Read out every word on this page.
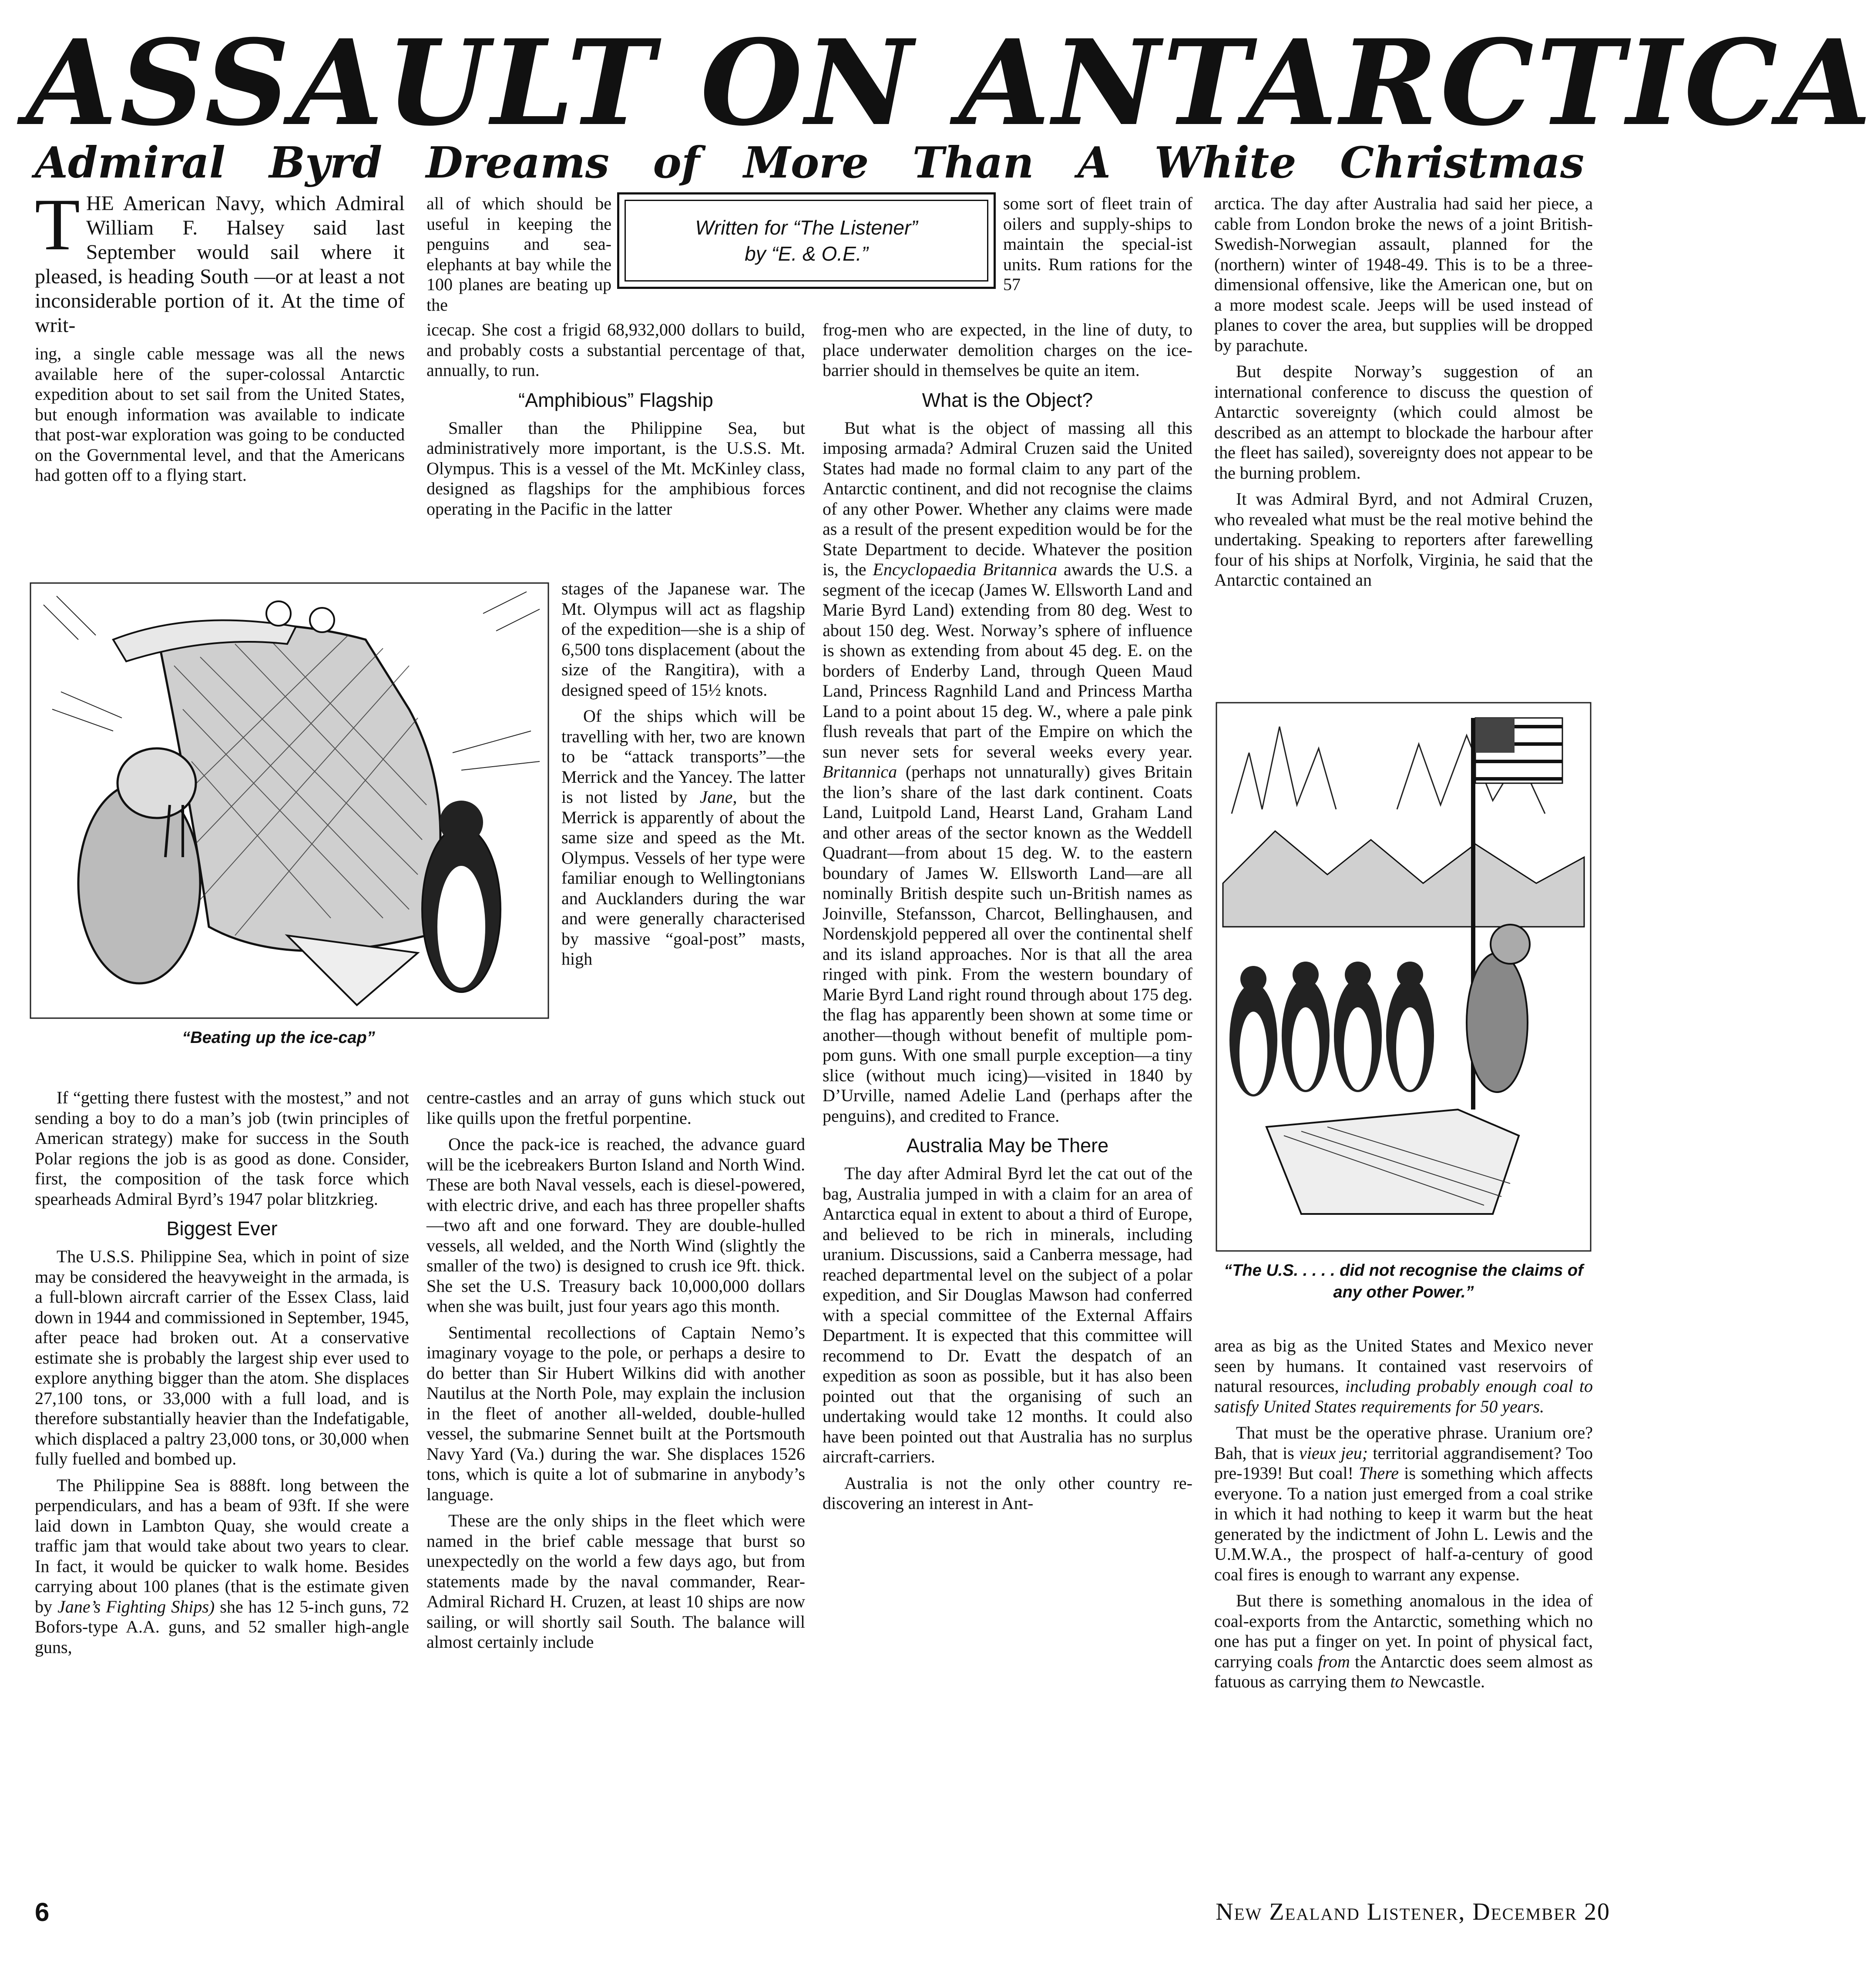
ASSAULT ON ANTARCTICA
Admiral Byrd Dreams of More Than A White Christmas

THE American Navy, which Admiral William F. Halsey said last September would sail where it pleased, is heading South —or at least a not inconsiderable portion of it. At the time of writ-

ing, a single cable message was all the news available here of the super-colossal Antarctic expedition about to set sail from the United States, but enough information was available to indicate that post-war exploration was going to be conducted on the Governmental level, and that the Americans had gotten off to a flying start.

all of which should be useful in keeping the penguins and sea-elephants at bay while the 100 planes are beating up the

Written for “The Listener”
by “E. & O.E.”

some sort of fleet train of oilers and supply-ships to maintain the special-ist units. Rum rations for the 57

icecap. She cost a frigid 68,932,000 dollars to build, and probably costs a substantial percentage of that, annually, to run.

“Amphibious” Flagship

Smaller than the Philippine Sea, but administratively more important, is the U.S.S. Mt. Olympus. This is a vessel of the Mt. McKinley class, designed as flagships for the amphibious forces operating in the Pacific in the latter

“Beating up the ice-cap”

stages of the Japanese war. The Mt. Olympus will act as flagship of the expedition—she is a ship of 6,500 tons displacement (about the size of the Rangitira), with a designed speed of 15½ knots.

Of the ships which will be travelling with her, two are known to be “attack transports”—the Merrick and the Yancey. The latter is not listed by Jane, but the Merrick is apparently of about the same size and speed as the Mt. Olympus. Vessels of her type were familiar enough to Wellingtonians and Aucklanders during the war and were generally characterised by massive “goal-post” masts, high

If “getting there fustest with the mostest,” and not sending a boy to do a man’s job (twin principles of American strategy) make for success in the South Polar regions the job is as good as done. Consider, first, the composition of the task force which spearheads Admiral Byrd’s 1947 polar blitzkrieg.

Biggest Ever

The U.S.S. Philippine Sea, which in point of size may be considered the heavyweight in the armada, is a full-blown aircraft carrier of the Essex Class, laid down in 1944 and commissioned in September, 1945, after peace had broken out. At a conservative estimate she is probably the largest ship ever used to explore anything bigger than the atom. She displaces 27,100 tons, or 33,000 with a full load, and is therefore substantially heavier than the Indefatigable, which displaced a paltry 23,000 tons, or 30,000 when fully fuelled and bombed up.

The Philippine Sea is 888ft. long between the perpendiculars, and has a beam of 93ft. If she were laid down in Lambton Quay, she would create a traffic jam that would take about two years to clear. In fact, it would be quicker to walk home. Besides carrying about 100 planes (that is the estimate given by Jane’s Fighting Ships) she has 12 5-inch guns, 72 Bofors-type A.A. guns, and 52 smaller high-angle guns,

centre-castles and an array of guns which stuck out like quills upon the fretful porpentine.

Once the pack-ice is reached, the advance guard will be the icebreakers Burton Island and North Wind. These are both Naval vessels, each is diesel-powered, with electric drive, and each has three propeller shafts—two aft and one forward. They are double-hulled vessels, all welded, and the North Wind (slightly the smaller of the two) is designed to crush ice 9ft. thick. She set the U.S. Treasury back 10,000,000 dollars when she was built, just four years ago this month.

Sentimental recollections of Captain Nemo’s imaginary voyage to the pole, or perhaps a desire to do better than Sir Hubert Wilkins did with another Nautilus at the North Pole, may explain the inclusion in the fleet of another all-welded, double-hulled vessel, the submarine Sennet built at the Portsmouth Navy Yard (Va.) during the war. She displaces 1526 tons, which is quite a lot of submarine in anybody’s language.

These are the only ships in the fleet which were named in the brief cable message that burst so unexpectedly on the world a few days ago, but from statements made by the naval commander, Rear-Admiral Richard H. Cruzen, at least 10 ships are now sailing, or will shortly sail South. The balance will almost certainly include

frog-men who are expected, in the line of duty, to place underwater demolition charges on the ice-barrier should in themselves be quite an item.

What is the Object?

But what is the object of massing all this imposing armada? Admiral Cruzen said the United States had made no formal claim to any part of the Antarctic continent, and did not recognise the claims of any other Power. Whether any claims were made as a result of the present expedition would be for the State Department to decide. Whatever the position is, the Encyclopaedia Britannica awards the U.S. a segment of the icecap (James W. Ellsworth Land and Marie Byrd Land) extending from 80 deg. West to about 150 deg. West. Norway’s sphere of influence is shown as extending from about 45 deg. E. on the borders of Enderby Land, through Queen Maud Land, Princess Ragnhild Land and Princess Martha Land to a point about 15 deg. W., where a pale pink flush reveals that part of the Empire on which the sun never sets for several weeks every year. Britannica (perhaps not unnaturally) gives Britain the lion’s share of the last dark continent. Coats Land, Luitpold Land, Hearst Land, Graham Land and other areas of the sector known as the Weddell Quadrant—from about 15 deg. W. to the eastern boundary of James W. Ellsworth Land—are all nominally British despite such un-British names as Joinville, Stefansson, Charcot, Bellinghausen, and Nordenskjold peppered all over the continental shelf and its island approaches. Nor is that all the area ringed with pink. From the western boundary of Marie Byrd Land right round through about 175 deg. the flag has apparently been shown at some time or another—though without benefit of multiple pom-pom guns. With one small purple exception—a tiny slice (without much icing)—visited in 1840 by D’Urville, named Adelie Land (perhaps after the penguins), and credited to France.

Australia May be There

The day after Admiral Byrd let the cat out of the bag, Australia jumped in with a claim for an area of Antarctica equal in extent to about a third of Europe, and believed to be rich in minerals, including uranium. Discussions, said a Canberra message, had reached departmental level on the subject of a polar expedition, and Sir Douglas Mawson had conferred with a special committee of the External Affairs Department. It is expected that this committee will recommend to Dr. Evatt the despatch of an expedition as soon as possible, but it has also been pointed out that the organising of such an undertaking would take 12 months. It could also have been pointed out that Australia has no surplus aircraft-carriers.

Australia is not the only other country re-discovering an interest in Ant-

arctica. The day after Australia had said her piece, a cable from London broke the news of a joint British-Swedish-Norwegian assault, planned for the (northern) winter of 1948-49. This is to be a three-dimensional offensive, like the American one, but on a more modest scale. Jeeps will be used instead of planes to cover the area, but supplies will be dropped by parachute.

But despite Norway’s suggestion of an international conference to discuss the question of Antarctic sovereignty (which could almost be described as an attempt to blockade the harbour after the fleet has sailed), sovereignty does not appear to be the burning problem.

It was Admiral Byrd, and not Admiral Cruzen, who revealed what must be the real motive behind the undertaking. Speaking to reporters after farewelling four of his ships at Norfolk, Virginia, he said that the Antarctic contained an

“The U.S. . . . . did not recognise the claims of any other Power.”

area as big as the United States and Mexico never seen by humans. It contained vast reservoirs of natural resources, including probably enough coal to satisfy United States requirements for 50 years.

That must be the operative phrase. Uranium ore? Bah, that is vieux jeu; territorial aggrandisement? Too pre-1939! But coal! There is something which affects everyone. To a nation just emerged from a coal strike in which it had nothing to keep it warm but the heat generated by the indictment of John L. Lewis and the U.M.W.A., the prospect of half-a-century of good coal fires is enough to warrant any expense.

But there is something anomalous in the idea of coal-exports from the Antarctic, something which no one has put a finger on yet. In point of physical fact, carrying coals from the Antarctic does seem almost as fatuous as carrying them to Newcastle.

6	New Zealand Listener, December 20
